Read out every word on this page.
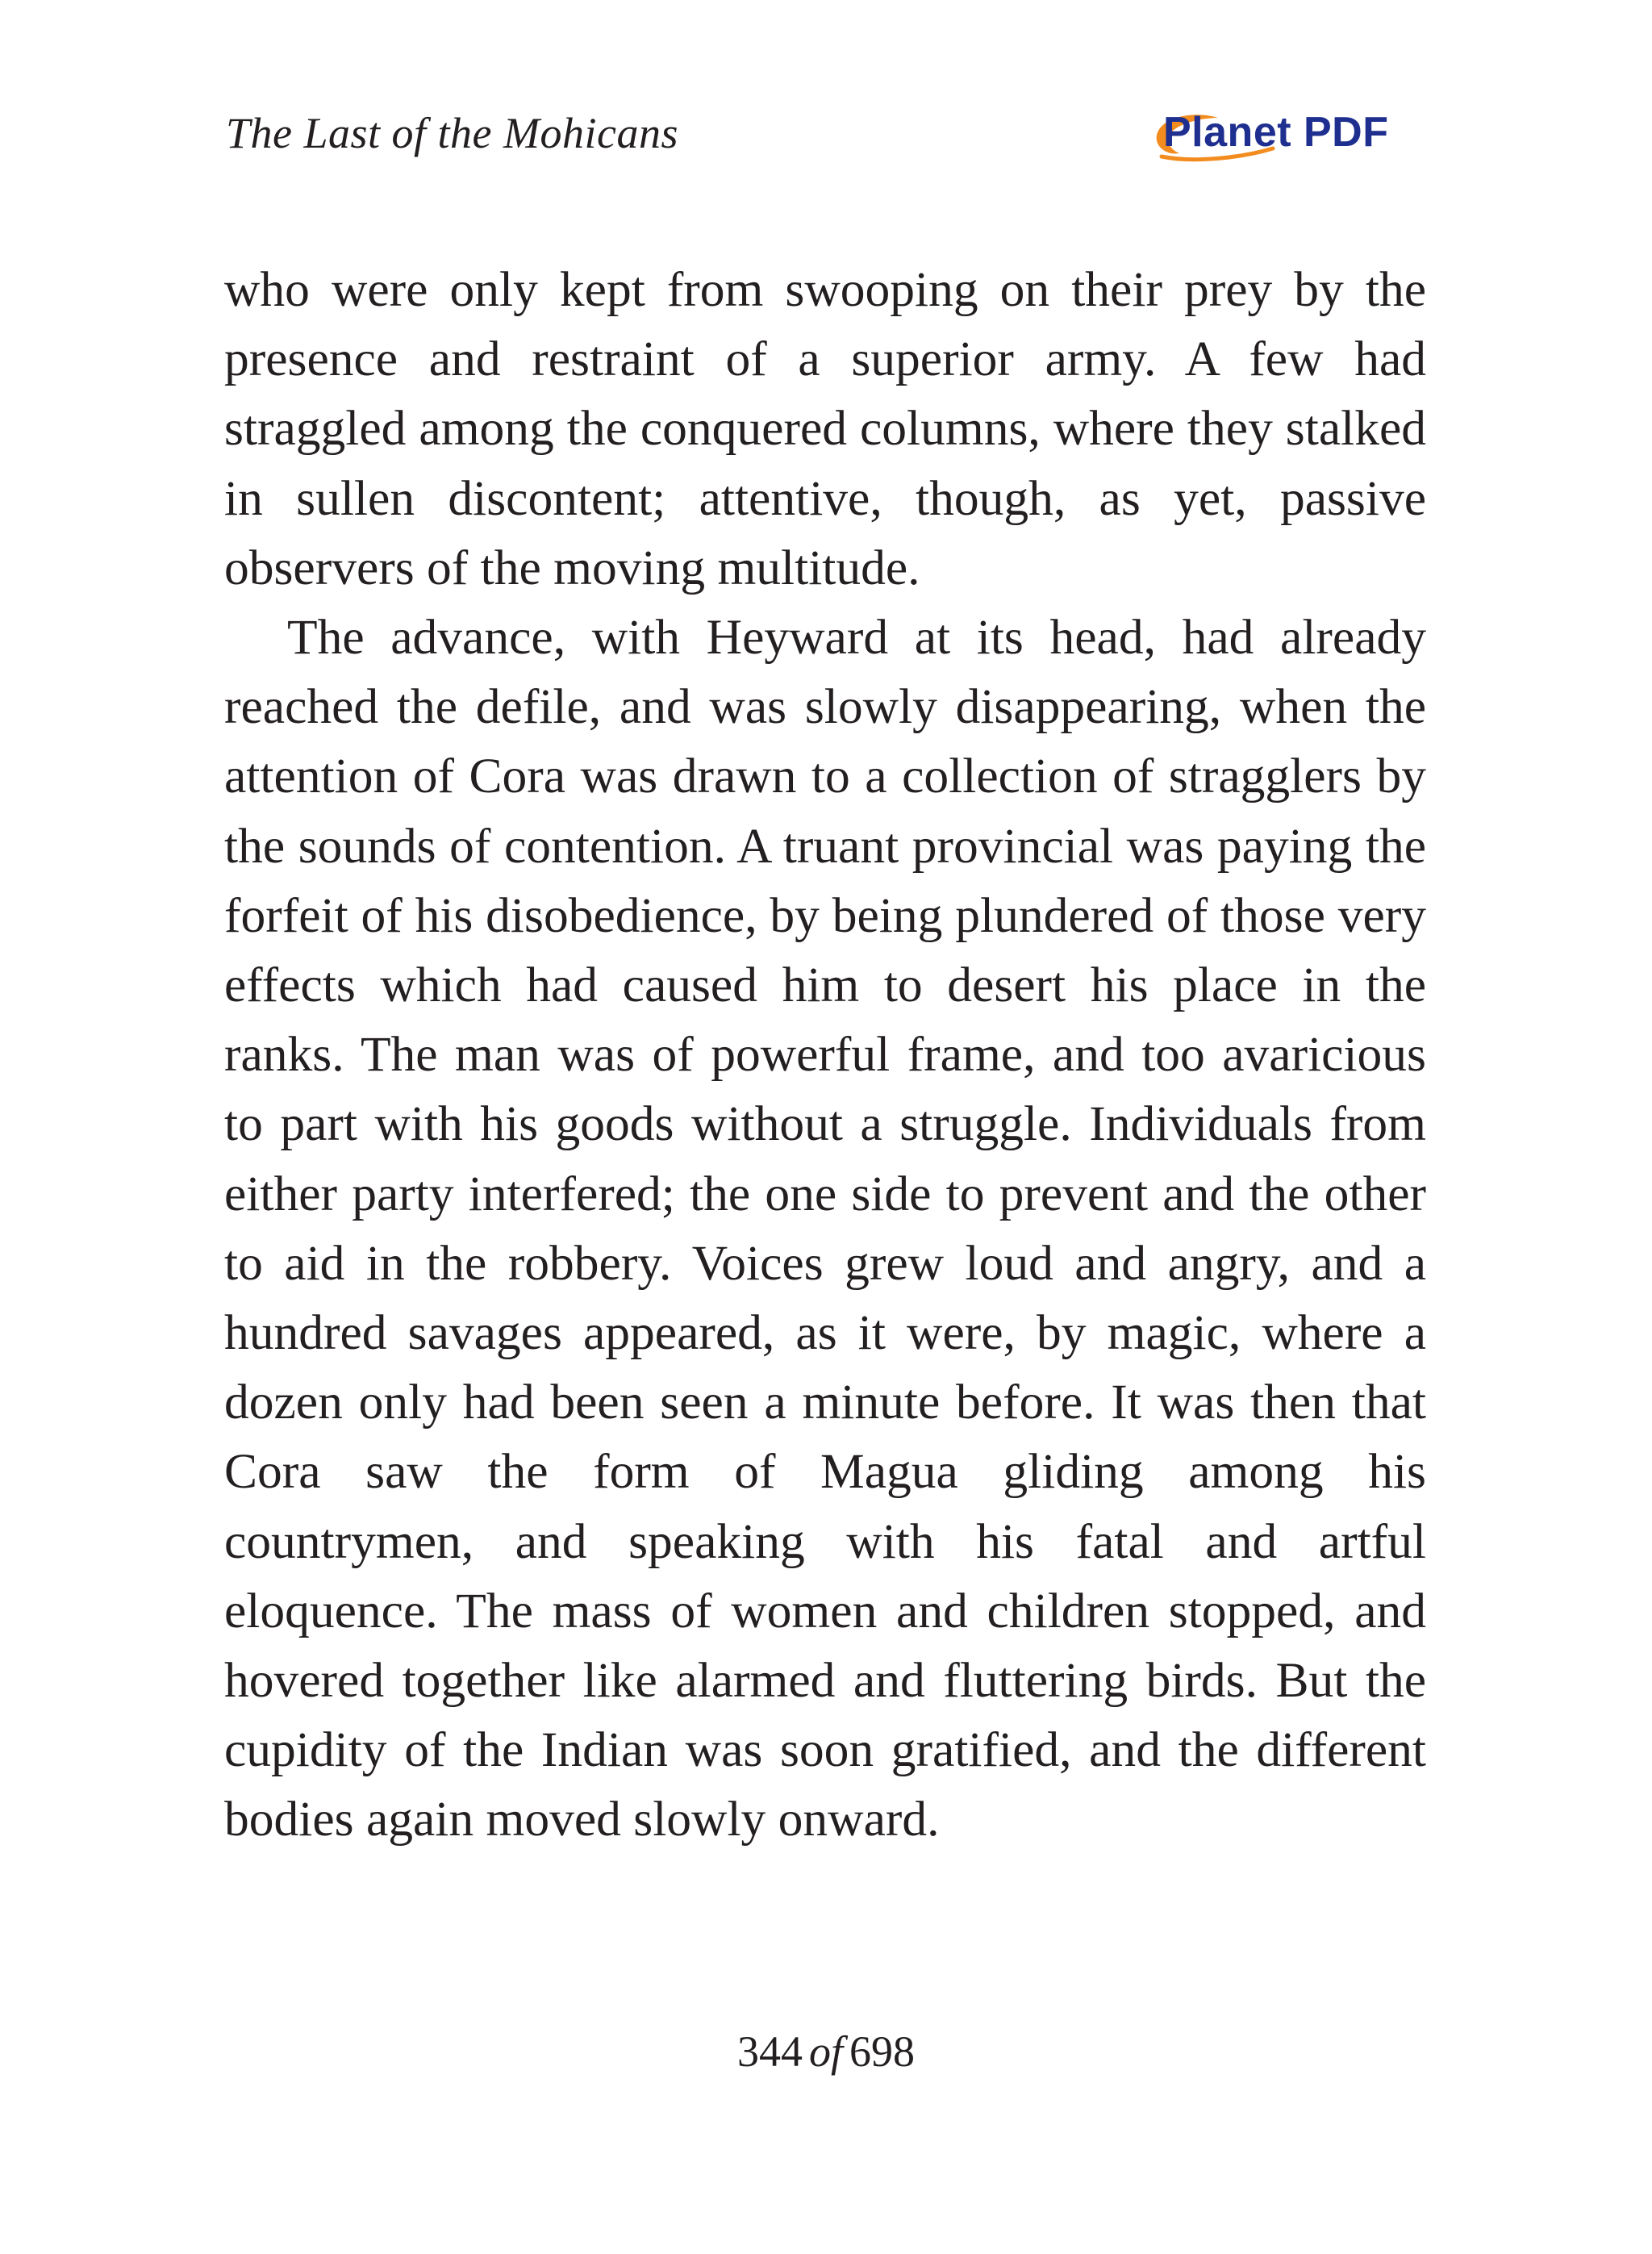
The Last of the Mohicans	Planet PDF

who were only kept from swooping on their prey by the presence and restraint of a superior army. A few had straggled among the conquered columns, where they stalked in sullen discontent; attentive, though, as yet, passive observers of the moving multitude.

The advance, with Heyward at its head, had already reached the defile, and was slowly disappearing, when the attention of Cora was drawn to a collection of stragglers by the sounds of contention. A truant provincial was paying the forfeit of his disobedience, by being plundered of those very effects which had caused him to desert his place in the ranks. The man was of powerful frame, and too avaricious to part with his goods without a struggle. Individuals from either party interfered; the one side to prevent and the other to aid in the robbery. Voices grew loud and angry, and a hundred savages appeared, as it were, by magic, where a dozen only had been seen a minute before. It was then that Cora saw the form of Magua gliding among his countrymen, and speaking with his fatal and artful eloquence. The mass of women and children stopped, and hovered together like alarmed and fluttering birds. But the cupidity of the Indian was soon gratified, and the different bodies again moved slowly onward.

344 of 698
